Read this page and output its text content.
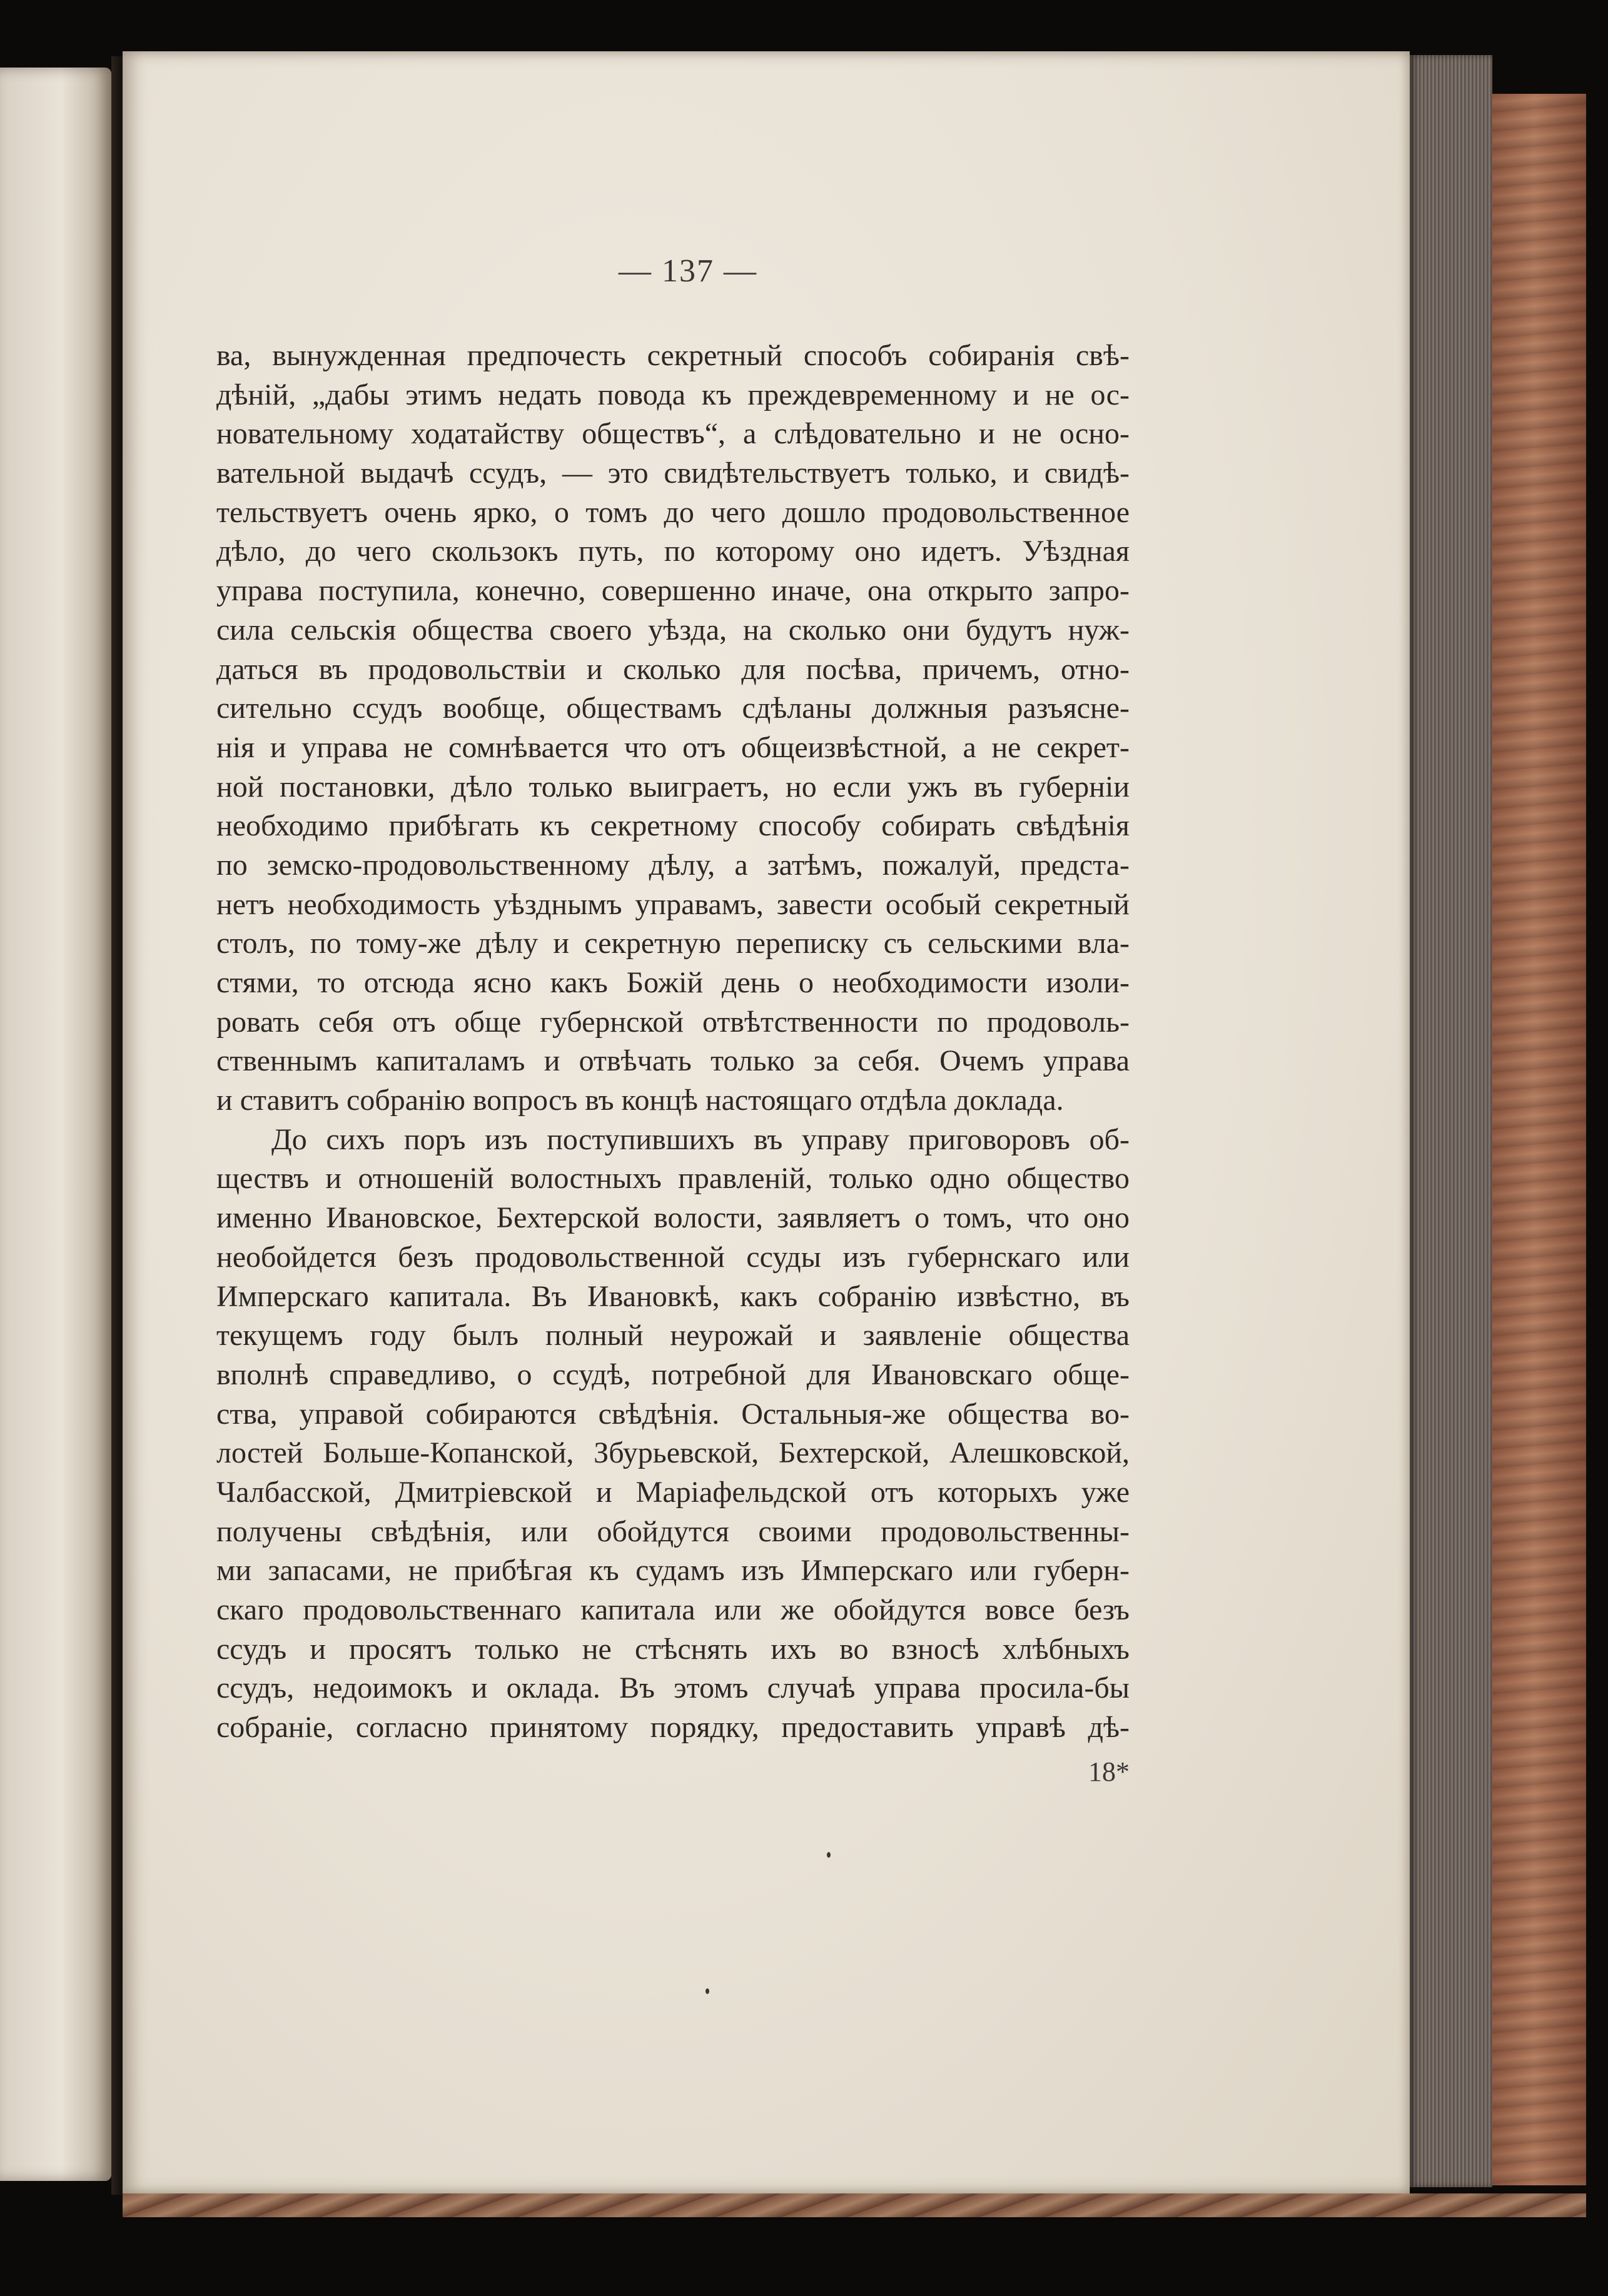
— 137 —
ва, вынужденная предпочесть секретный способъ собиранія свѣ-
дѣній, „дабы этимъ недать повода къ преждевременному и не ос-
новательному ходатайству обществъ“, а слѣдовательно и не осно-
вательной выдачѣ ссудъ, — это свидѣтельствуетъ только, и свидѣ-
тельствуетъ очень ярко, о томъ до чего дошло продовольственное
дѣло, до чего скользокъ путь, по которому оно идетъ. Уѣздная
управа поступила, конечно, совершенно иначе, она открыто запро-
сила сельскія общества своего уѣзда, на сколько они будутъ нуж-
даться въ продовольствіи и сколько для посѣва, причемъ, отно-
сительно ссудъ вообще, обществамъ сдѣланы должныя разъясне-
нія и управа не сомнѣвается что отъ общеизвѣстной, а не секрет-
ной постановки, дѣло только выиграетъ, но если ужъ въ губерніи
необходимо прибѣгать къ секретному способу собирать свѣдѣнія
по земско-продовольственному дѣлу, а затѣмъ, пожалуй, предста-
нетъ необходимость уѣзднымъ управамъ, завести особый секретный
столъ, по тому-же дѣлу и секретную переписку съ сельскими вла-
стями, то отсюда ясно какъ Божій день о необходимости изоли-
ровать себя отъ обще губернской отвѣтственности по продоволь-
ственнымъ капиталамъ и отвѣчать только за себя. Очемъ управа
и ставитъ собранію вопросъ въ концѣ настоящаго отдѣла доклада.
До сихъ поръ изъ поступившихъ въ управу приговоровъ об-
ществъ и отношеній волостныхъ правленій, только одно общество
именно Ивановское, Бехтерской волости, заявляетъ о томъ, что оно
необойдется безъ продовольственной ссуды изъ губернскаго или
Имперскаго капитала. Въ Ивановкѣ, какъ собранію извѣстно, въ
текущемъ году былъ полный неурожай и заявленіе общества
вполнѣ справедливо, о ссудѣ, потребной для Ивановскаго обще-
ства, управой собираются свѣдѣнія. Остальныя-же общества во-
лостей Больше-Копанской, Збурьевской, Бехтерской, Алешковской,
Чалбасской, Дмитріевской и Маріафельдской отъ которыхъ уже
получены свѣдѣнія, или обойдутся своими продовольственны-
ми запасами, не прибѣгая къ судамъ изъ Имперскаго или губерн-
скаго продовольственнаго капитала или же обойдутся вовсе безъ
ссудъ и просятъ только не стѣснять ихъ во взносѣ хлѣбныхъ
ссудъ, недоимокъ и оклада. Въ этомъ случаѣ управа просила-бы
собраніе, согласно принятому порядку, предоставить управѣ дѣ-
18*
